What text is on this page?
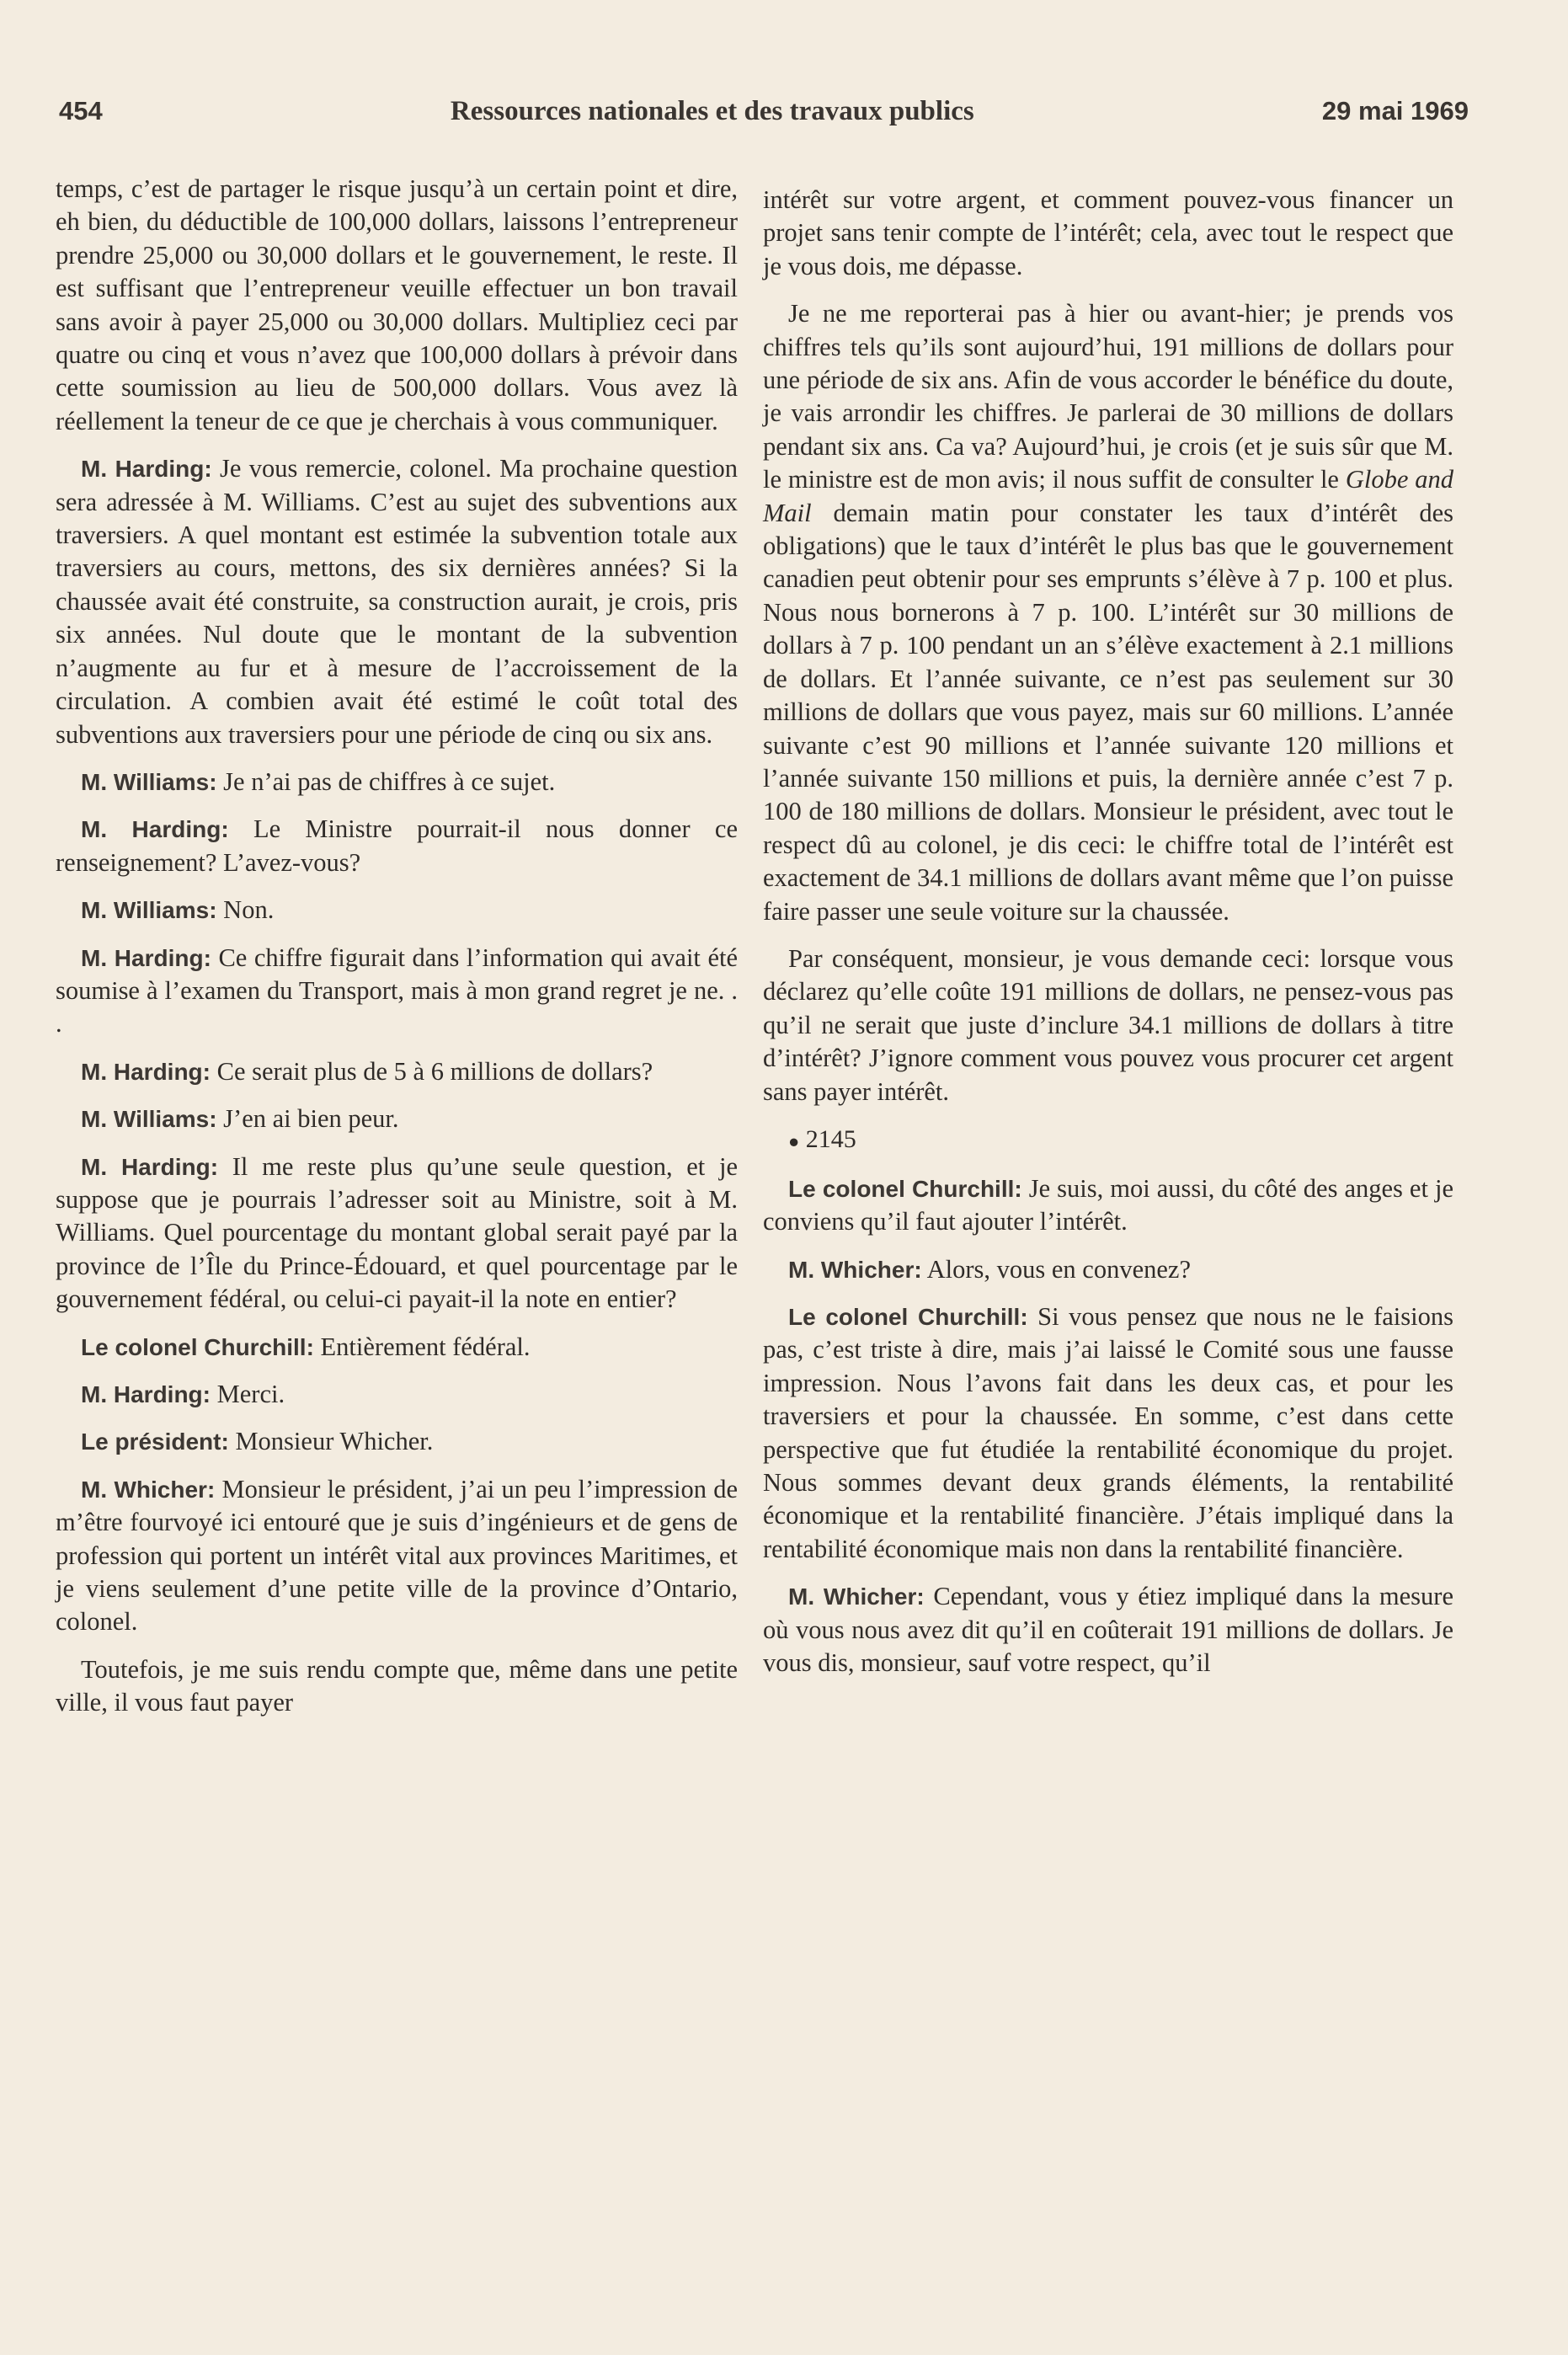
454	Ressources nationales et des travaux publics	29 mai 1969

temps, c’est de partager le risque jusqu’à un certain point et dire, eh bien, du déductible de 100,000 dollars, laissons l’entrepreneur prendre 25,000 ou 30,000 dollars et le gouvernement, le reste. Il est suffisant que l’entrepreneur veuille effectuer un bon travail sans avoir à payer 25,000 ou 30,000 dollars. Multipliez ceci par quatre ou cinq et vous n’avez que 100,000 dollars à prévoir dans cette soumission au lieu de 500,000 dollars. Vous avez là réellement la teneur de ce que je cherchais à vous communiquer.

M. Harding: Je vous remercie, colonel. Ma prochaine question sera adressée à M. Williams. C’est au sujet des subventions aux traversiers. A quel montant est estimée la subvention totale aux traversiers au cours, mettons, des six dernières années? Si la chaussée avait été construite, sa construction aurait, je crois, pris six années. Nul doute que le montant de la subvention n’augmente au fur et à mesure de l’accroissement de la circulation. A combien avait été estimé le coût total des subventions aux traversiers pour une période de cinq ou six ans.

M. Williams: Je n’ai pas de chiffres à ce sujet.

M. Harding: Le Ministre pourrait-il nous donner ce renseignement? L’avez-vous?

M. Williams: Non.

M. Harding: Ce chiffre figurait dans l’information qui avait été soumise à l’examen du Transport, mais à mon grand regret je ne. . .

M. Harding: Ce serait plus de 5 à 6 millions de dollars?

M. Williams: J’en ai bien peur.

M. Harding: Il me reste plus qu’une seule question, et je suppose que je pourrais l’adresser soit au Ministre, soit à M. Williams. Quel pourcentage du montant global serait payé par la province de l’Île du Prince-Édouard, et quel pourcentage par le gouvernement fédéral, ou celui-ci payait-il la note en entier?

Le colonel Churchill: Entièrement fédéral.

M. Harding: Merci.

Le président: Monsieur Whicher.

M. Whicher: Monsieur le président, j’ai un peu l’impression de m’être fourvoyé ici entouré que je suis d’ingénieurs et de gens de profession qui portent un intérêt vital aux provinces Maritimes, et je viens seulement d’une petite ville de la province d’Ontario, colonel.

Toutefois, je me suis rendu compte que, même dans une petite ville, il vous faut payer

intérêt sur votre argent, et comment pouvez-vous financer un projet sans tenir compte de l’intérêt; cela, avec tout le respect que je vous dois, me dépasse.

Je ne me reporterai pas à hier ou avant-hier; je prends vos chiffres tels qu’ils sont aujourd’hui, 191 millions de dollars pour une période de six ans. Afin de vous accorder le bénéfice du doute, je vais arrondir les chiffres. Je parlerai de 30 millions de dollars pendant six ans. Ca va? Aujourd’hui, je crois (et je suis sûr que M. le ministre est de mon avis; il nous suffit de consulter le Globe and Mail demain matin pour constater les taux d’intérêt des obligations) que le taux d’intérêt le plus bas que le gouvernement canadien peut obtenir pour ses emprunts s’élève à 7 p. 100 et plus. Nous nous bornerons à 7 p. 100. L’intérêt sur 30 millions de dollars à 7 p. 100 pendant un an s’élève exactement à 2.1 millions de dollars. Et l’année suivante, ce n’est pas seulement sur 30 millions de dollars que vous payez, mais sur 60 millions. L’année suivante c’est 90 millions et l’année suivante 120 millions et l’année suivante 150 millions et puis, la dernière année c’est 7 p. 100 de 180 millions de dollars. Monsieur le président, avec tout le respect dû au colonel, je dis ceci: le chiffre total de l’intérêt est exactement de 34.1 millions de dollars avant même que l’on puisse faire passer une seule voiture sur la chaussée.

Par conséquent, monsieur, je vous demande ceci: lorsque vous déclarez qu’elle coûte 191 millions de dollars, ne pensez-vous pas qu’il ne serait que juste d’inclure 34.1 millions de dollars à titre d’intérêt? J’ignore comment vous pouvez vous procurer cet argent sans payer intérêt.

● 2145

Le colonel Churchill: Je suis, moi aussi, du côté des anges et je conviens qu’il faut ajouter l’intérêt.

M. Whicher: Alors, vous en convenez?

Le colonel Churchill: Si vous pensez que nous ne le faisions pas, c’est triste à dire, mais j’ai laissé le Comité sous une fausse impression. Nous l’avons fait dans les deux cas, et pour les traversiers et pour la chaussée. En somme, c’est dans cette perspective que fut étudiée la rentabilité économique du projet. Nous sommes devant deux grands éléments, la rentabilité économique et la rentabilité financière. J’étais impliqué dans la rentabilité économique mais non dans la rentabilité financière.

M. Whicher: Cependant, vous y étiez impliqué dans la mesure où vous nous avez dit qu’il en coûterait 191 millions de dollars. Je vous dis, monsieur, sauf votre respect, qu’il
